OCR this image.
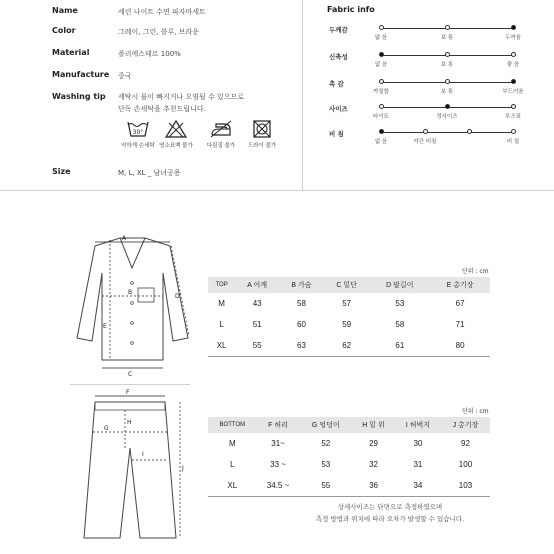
Name	세린 나이트 수면 파자마세트
Color	그레이, 그린, 블루, 브라운
Material	폴리에스테르 100%
Manufacture 중국
Washing tip 세탁시 물이 빠지거나 오염될 수 있으므로
단독 손세탁을 추천드립니다.
30°
약하게 손세탁 염소표백 불가	다림질 불가	드라이 불가
Size	M, L, XL _ 남녀공용
Fabric info
두께감
얇 음	보 통	두꺼움
신축성
없 음	보 통	좋 음
촉 감
까칠함	보 통	부드러움
사이즈
타이트	정사이즈	루즈핏
비 침
없 음	약간 비침	비 침
A
B
C
D
E
F
G
H
I
J
단위 : cm
TOP	A 어깨	B 가슴	C 밑단	D 팔길이	E 총기장
M	43	58	57	53	67
L	51	60	59	58	71
XL	55	63	62	61	80
단위 : cm
BOTTOM	F 허리	G 엉덩이	H 밑 위	I 허벅지	J 총기장
M	31~	52	29	30	92
L	33 ~	53	32	31	100
XL	34.5 ~	55	36	34	103
상세사이즈는 단면으로 측정하였으며
측정 방법과 위치에 따라 오차가 발생할 수 있습니다.
